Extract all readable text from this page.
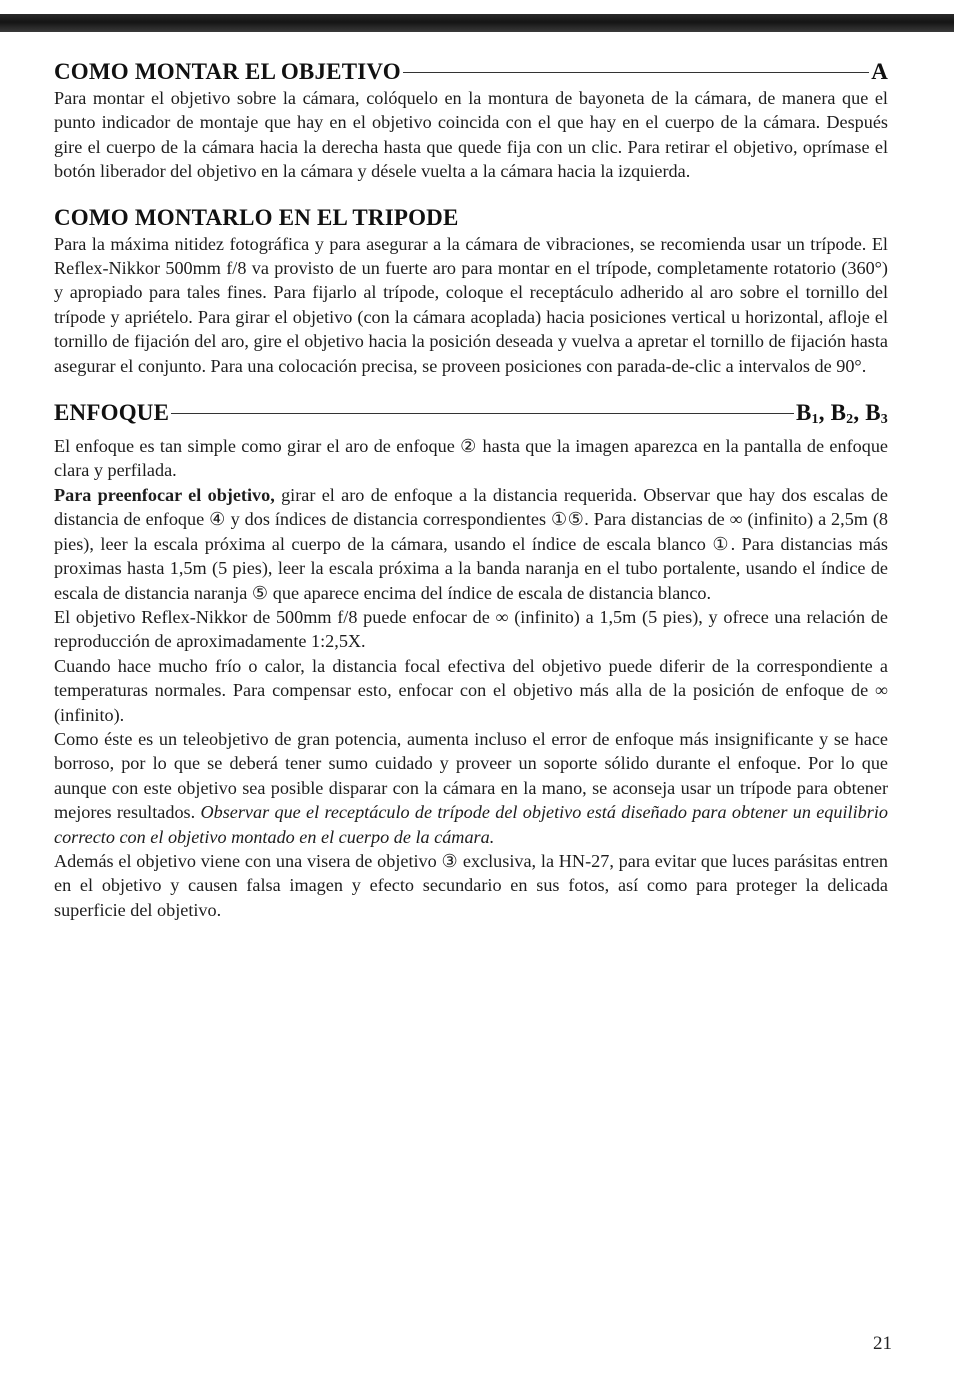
COMO MONTAR EL OBJETIVO	A

Para montar el objetivo sobre la cámara, colóquelo en la montura de bayoneta de la cámara, de manera que el punto indicador de montaje que hay en el objetivo coincida con el que hay en el cuerpo de la cámara. Después gire el cuerpo de la cámara hacia la derecha hasta que quede fija con un clic. Para retirar el objetivo, oprímase el botón liberador del objetivo en la cámara y désele vuelta a la cámara hacia la izquierda.

COMO MONTARLO EN EL TRIPODE

Para la máxima nitidez fotográfica y para asegurar a la cámara de vibraciones, se recomienda usar un trípode. El Reflex-Nikkor 500mm f/8 va provisto de un fuerte aro para montar en el trípode, completamente rotatorio (360°) y apropiado para tales fines. Para fijarlo al trípode, coloque el receptáculo adherido al aro sobre el tornillo del trípode y apriételo. Para girar el objetivo (con la cámara acoplada) hacia posiciones vertical u horizontal, afloje el tornillo de fijación del aro, gire el objetivo hacia la posición deseada y vuelva a apretar el tornillo de fijación hasta asegurar el conjunto. Para una colocación precisa, se proveen posiciones con parada-de-clic a intervalos de 90°.

ENFOQUE	$B_1$, $B_2$, $B_3$

El enfoque es tan simple como girar el aro de enfoque ② hasta que la imagen aparezca en la pantalla de enfoque clara y perfilada.

Para preenfocar el objetivo, girar el aro de enfoque a la distancia requerida. Observar que hay dos escalas de distancia de enfoque ④ y dos índices de distancia correspondientes ①⑤. Para distancias de ∞ (infinito) a 2,5m (8 pies), leer la escala próxima al cuerpo de la cámara, usando el índice de escala blanco ①. Para distancias más proximas hasta 1,5m (5 pies), leer la escala próxima a la banda naranja en el tubo portalente, usando el índice de escala de distancia naranja ⑤ que aparece encima del índice de escala de distancia blanco.

El objetivo Reflex-Nikkor de 500mm f/8 puede enfocar de ∞ (infinito) a 1,5m (5 pies), y ofrece una relación de reproducción de aproximadamente 1:2,5X.

Cuando hace mucho frío o calor, la distancia focal efectiva del objetivo puede diferir de la correspondiente a temperaturas normales. Para compensar esto, enfocar con el objetivo más alla de la posición de enfoque de ∞ (infinito).

Como éste es un teleobjetivo de gran potencia, aumenta incluso el error de enfoque más insignificante y se hace borroso, por lo que se deberá tener sumo cuidado y proveer un soporte sólido durante el enfoque. Por lo que aunque con este objetivo sea posible disparar con la cámara en la mano, se aconseja usar un trípode para obtener mejores resultados. Observar que el receptáculo de trípode del objetivo está diseñado para obtener un equilibrio correcto con el objetivo montado en el cuerpo de la cámara.

Además el objetivo viene con una visera de objetivo ③ exclusiva, la HN-27, para evitar que luces parásitas entren en el objetivo y causen falsa imagen y efecto secundario en sus fotos, así como para proteger la delicada superficie del objetivo.

21
